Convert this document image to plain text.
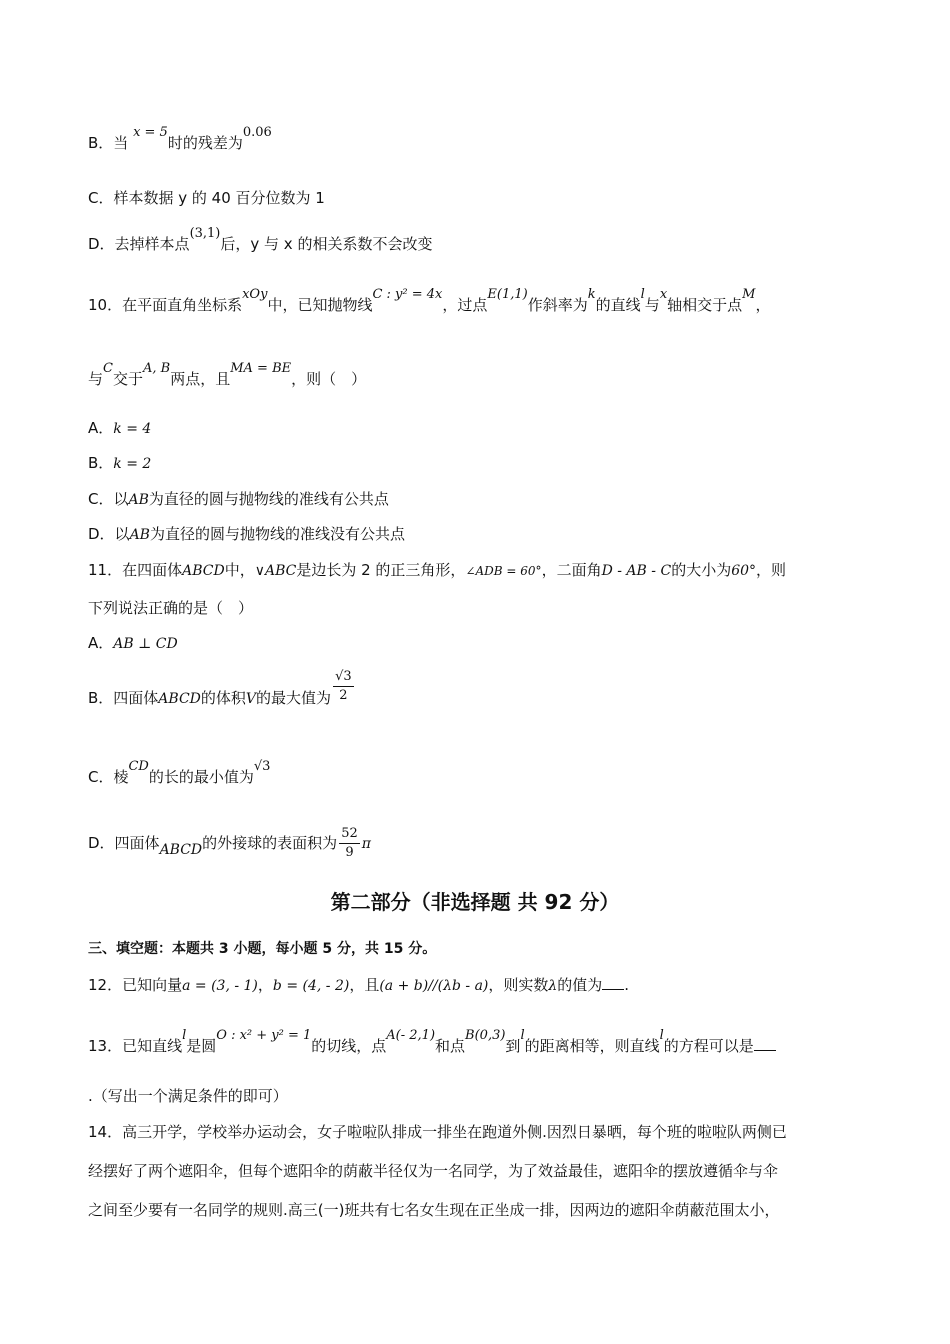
B．当 x = 5时的残差为0.06
C．样本数据 y 的 40 百分位数为 1
D．去掉样本点(3,1)后，y 与 x 的相关系数不会改变
10．在平面直角坐标系xOy中，已知抛物线C : y² = 4x，过点E(1,1)作斜率为k的直线l与x轴相交于点M，
与C交于A, B两点，且MA = BE，则（　）
A．k = 4
B．k = 2
C．以AB为直径的圆与抛物线的准线有公共点
D．以AB为直径的圆与抛物线的准线没有公共点
11．在四面体ABCD中，∨ABC是边长为 2 的正三角形，∠ADB = 60°，二面角D - AB - C的大小为60°，则
下列说法正确的是（　）
A．AB ⊥ CD
B．四面体ABCD的体积V的最大值为 $\frac{√3}{2}$
C．棱CD的长的最小值为√3
D．四面体ABCD的外接球的表面积为 $\frac{52}{9}$ π
第二部分（非选择题 共 92 分）
三、填空题：本题共 3 小题，每小题 5 分，共 15 分。
12．已知向量a = (3, - 1)，b = (4, - 2)，且(a + b)//(λb - a)，则实数λ的值为 .
13．已知直线l是圆O : x² + y² = 1的切线，点A(- 2,1)和点B(0,3)到l的距离相等，则直线l的方程可以是
.（写出一个满足条件的即可）
14．高三开学，学校举办运动会，女子啦啦队排成一排坐在跑道外侧.因烈日暴晒，每个班的啦啦队两侧已
经摆好了两个遮阳伞，但每个遮阳伞的荫蔽半径仅为一名同学，为了效益最佳，遮阳伞的摆放遵循伞与伞
之间至少要有一名同学的规则.高三(一)班共有七名女生现在正坐成一排，因两边的遮阳伞荫蔽范围太小，
